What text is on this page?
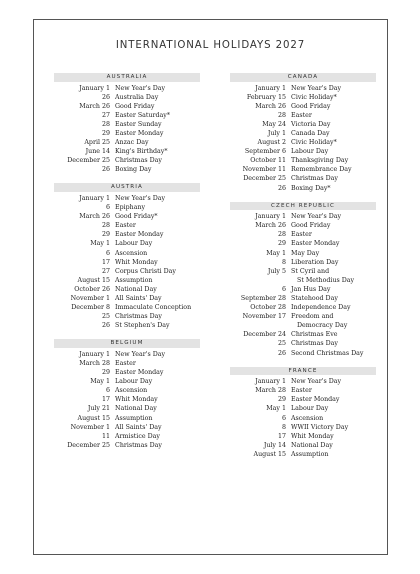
INTERNATIONAL HOLIDAYS 2027
AUSTRALIA
January 1 New Year's Day
26 Australia Day
March 26 Good Friday
27 Easter Saturday*
28 Easter Sunday
29 Easter Monday
April 25 Anzac Day
June 14 King's Birthday*
December 25 Christmas Day
26 Boxing Day
AUSTRIA
January 1 New Year's Day
6 Epiphany
March 26 Good Friday*
28 Easter
29 Easter Monday
May 1 Labour Day
6 Ascension
17 Whit Monday
27 Corpus Christi Day
August 15 Assumption
October 26 National Day
November 1 All Saints' Day
December 8 Immaculate Conception
25 Christmas Day
26 St Stephen's Day
BELGIUM
January 1 New Year's Day
March 28 Easter
29 Easter Monday
May 1 Labour Day
6 Ascension
17 Whit Monday
July 21 National Day
August 15 Assumption
November 1 All Saints' Day
11 Armistice Day
December 25 Christmas Day
CANADA
January 1 New Year's Day
February 15 Civic Holiday*
March 26 Good Friday
28 Easter
May 24 Victoria Day
July 1 Canada Day
August 2 Civic Holiday*
September 6 Labour Day
October 11 Thanksgiving Day
November 11 Remembrance Day
December 25 Christmas Day
26 Boxing Day*
CZECH REPUBLIC
January 1 New Year's Day
March 26 Good Friday
28 Easter
29 Easter Monday
May 1 May Day
8 Liberation Day
July 5 St Cyril and
St Methodius Day
6 Jan Hus Day
September 28 Statehood Day
October 28 Independence Day
November 17 Freedom and
Democracy Day
December 24 Christmas Eve
25 Christmas Day
26 Second Christmas Day
FRANCE
January 1 New Year's Day
March 28 Easter
29 Easter Monday
May 1 Labour Day
6 Ascension
8 WWII Victory Day
17 Whit Monday
July 14 National Day
August 15 Assumption
